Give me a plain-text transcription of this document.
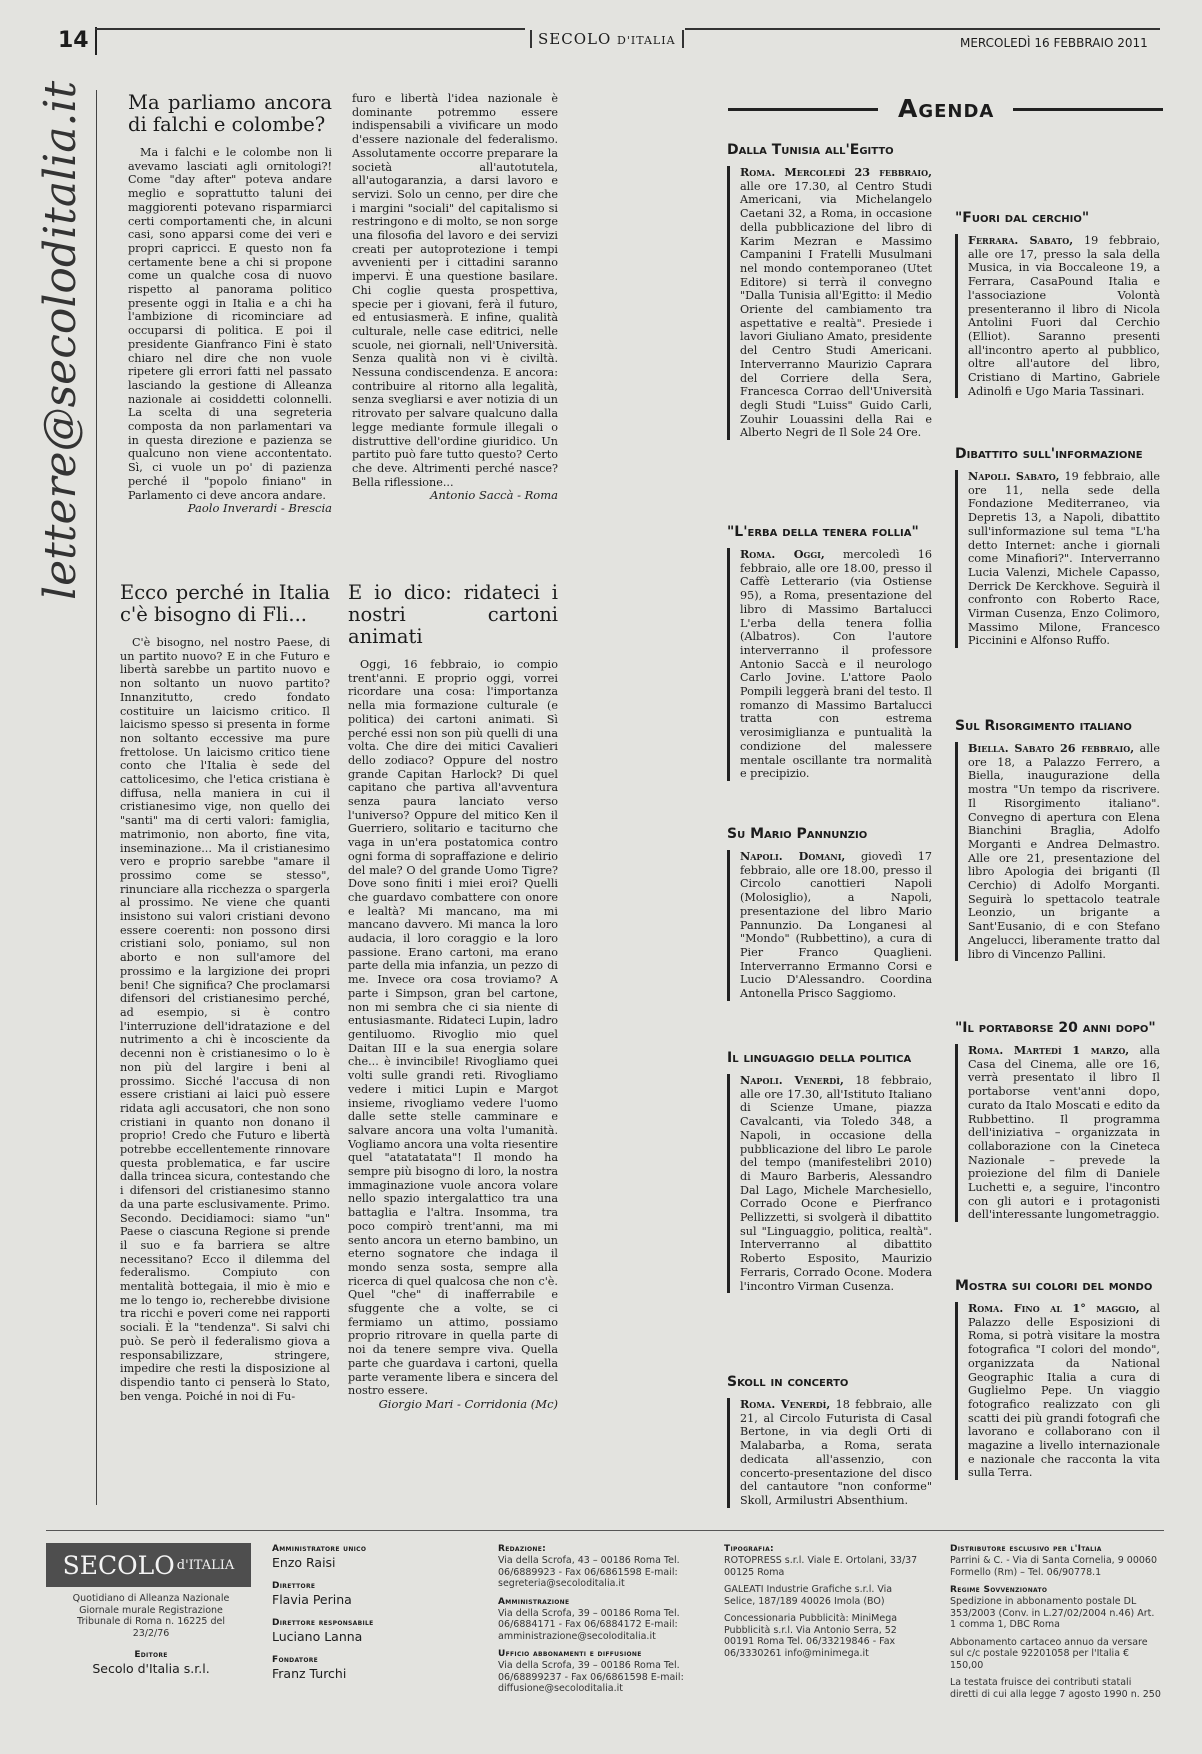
14	SECOLO D'ITALIA	MERCOLEDÌ 16 FEBBRAIO 2011
lettere@secoloditalia.it Ma parliamo ancora di falchi e colombe?

Ma i falchi e le colombe non li avevamo lasciati agli ornitologi?! Come "day after" poteva andare meglio e soprattutto taluni dei maggiorenti potevano risparmiarci certi comportamenti che, in alcuni casi, sono apparsi come dei veri e propri capricci. E questo non fa certamente bene a chi si propone come un qualche cosa di nuovo rispetto al panorama politico presente oggi in Italia e a chi ha l'ambizione di ricominciare ad occuparsi di politica. E poi il presidente Gianfranco Fini è stato chiaro nel dire che non vuole ripetere gli errori fatti nel passato lasciando la gestione di Alleanza nazionale ai cosiddetti colonnelli. La scelta di una segreteria composta da non parlamentari va in questa direzione e pazienza se qualcuno non viene accontentato. Sì, ci vuole un po' di pazienza perché il "popolo finiano" in Parlamento ci deve ancora andare.

Paolo Inverardi - Brescia

furo e libertà l'idea nazionale è dominante potremmo essere indispensabili a vivificare un modo d'essere nazionale del federalismo. Assolutamente occorre preparare la società all'autotutela, all'autogaranzia, a darsi lavoro e servizi. Solo un cenno, per dire che i margini "sociali" del capitalismo si restringono e di molto, se non sorge una filosofia del lavoro e dei servizi creati per autoprotezione i tempi avvenienti per i cittadini saranno impervi. È una questione basilare. Chi coglie questa prospettiva, specie per i giovani, ferà il futuro, ed entusiasmerà. E infine, qualità culturale, nelle case editrici, nelle scuole, nei giornali, nell'Università. Senza qualità non vi è civiltà. Nessuna condiscendenza. E ancora: contribuire al ritorno alla legalità, senza svegliarsi e aver notizia di un ritrovato per salvare qualcuno dalla legge mediante formule illegali o distruttive dell'ordine giuridico. Un partito può fare tutto questo? Certo che deve. Altrimenti perché nasce? Bella riflessione...

Antonio Saccà - Roma
Ecco perché in Italia c'è bisogno di Fli...

C'è bisogno, nel nostro Paese, di un partito nuovo? E in che Futuro e libertà sarebbe un partito nuovo e non soltanto un nuovo partito? Innanzitutto, credo fondato costituire un laicismo critico. Il laicismo spesso si presenta in forme non soltanto eccessive ma pure frettolose. Un laicismo critico tiene conto che l'Italia è sede del cattolicesimo, che l'etica cristiana è diffusa, nella maniera in cui il cristianesimo vige, non quello dei "santi" ma di certi valori: famiglia, matrimonio, non aborto, fine vita, inseminazione... Ma il cristianesimo vero e proprio sarebbe "amare il prossimo come se stesso", rinunciare alla ricchezza o spargerla al prossimo. Ne viene che quanti insistono sui valori cristiani devono essere coerenti: non possono dirsi cristiani solo, poniamo, sul non aborto e non sull'amore del prossimo e la largizione dei propri beni! Che significa? Che proclamarsi difensori del cristianesimo perché, ad esempio, si è contro l'interruzione dell'idratazione e del nutrimento a chi è incosciente da decenni non è cristianesimo o lo è non più del largire i beni al prossimo. Sicché l'accusa di non essere cristiani ai laici può essere ridata agli accusatori, che non sono cristiani in quanto non donano il proprio! Credo che Futuro e libertà potrebbe eccellentemente rinnovare questa problematica, e far uscire dalla trincea sicura, contestando che i difensori del cristianesimo stanno da una parte esclusivamente. Primo. Secondo. Decidiamoci: siamo "un" Paese o ciascuna Regione si prende il suo e fa barriera se altre necessitano? Ecco il dilemma del federalismo. Compiuto con mentalità bottegaia, il mio è mio e me lo tengo io, recherebbe divisione tra ricchi e poveri come nei rapporti sociali. È la "tendenza". Si salvi chi può. Se però il federalismo giova a responsabilizzare, stringere, impedire che resti la disposizione al dispendio tanto ci penserà lo Stato, ben venga. Poiché in noi di Fu-

E io dico: ridateci i nostri cartoni animati

Oggi, 16 febbraio, io compio trent'anni. E proprio oggi, vorrei ricordare una cosa: l'importanza nella mia formazione culturale (e politica) dei cartoni animati. Sì perché essi non son più quelli di una volta. Che dire dei mitici Cavalieri dello zodiaco? Oppure del nostro grande Capitan Harlock? Di quel capitano che partiva all'avventura senza paura lanciato verso l'universo? Oppure del mitico Ken il Guerriero, solitario e taciturno che vaga in un'era postatomica contro ogni forma di sopraffazione e delirio del male? O del grande Uomo Tigre? Dove sono finiti i miei eroi? Quelli che guardavo combattere con onore e lealtà? Mi mancano, ma mi mancano davvero. Mi manca la loro audacia, il loro coraggio e la loro passione. Erano cartoni, ma erano parte della mia infanzia, un pezzo di me. Invece ora cosa troviamo? A parte i Simpson, gran bel cartone, non mi sembra che ci sia niente di entusiasmante. Ridateci Lupin, ladro gentiluomo. Rivoglio mio quel Daitan III e la sua energia solare che... è invincibile! Rivogliamo quei volti sulle grandi reti. Rivogliamo vedere i mitici Lupin e Margot insieme, rivogliamo vedere l'uomo dalle sette stelle camminare e salvare ancora una volta l'umanità. Vogliamo ancora una volta riesentire quel "atatatatata"! Il mondo ha sempre più bisogno di loro, la nostra immaginazione vuole ancora volare nello spazio intergalattico tra una battaglia e l'altra. Insomma, tra poco compirò trent'anni, ma mi sento ancora un eterno bambino, un eterno sognatore che indaga il mondo senza sosta, sempre alla ricerca di quel qualcosa che non c'è. Quel "che" di inafferrabile e sfuggente che a volte, se ci fermiamo un attimo, possiamo proprio ritrovare in quella parte di noi da tenere sempre viva. Quella parte che guardava i cartoni, quella parte veramente libera e sincera del nostro essere.

Giorgio Mari - Corridonia (Mc)
Agenda
Dalla Tunisia all'Egitto
Roma. Mercoledì 23 febbraio, alle ore 17.30, al Centro Studi Americani, via Michelangelo Caetani 32, a Roma, in occasione della pubblicazione del libro di Karim Mezran e Massimo Campanini I Fratelli Musulmani nel mondo contemporaneo (Utet Editore) si terrà il convegno "Dalla Tunisia all'Egitto: il Medio Oriente del cambiamento tra aspettative e realtà". Presiede i lavori Giuliano Amato, presidente del Centro Studi Americani. Interverranno Maurizio Caprara del Corriere della Sera, Francesca Corrao dell'Università degli Studi "Luiss" Guido Carli, Zouhir Louassini della Rai e Alberto Negri de Il Sole 24 Ore.
"L'erba della tenera follia"
Roma. Oggi, mercoledì 16 febbraio, alle ore 18.00, presso il Caffè Letterario (via Ostiense 95), a Roma, presentazione del libro di Massimo Bartalucci L'erba della tenera follia (Albatros). Con l'autore interverranno il professore Antonio Saccà e il neurologo Carlo Jovine. L'attore Paolo Pompili leggerà brani del testo. Il romanzo di Massimo Bartalucci tratta con estrema verosimiglianza e puntualità la condizione del malessere mentale oscillante tra normalità e precipizio.
Su Mario Pannunzio
Napoli. Domani, giovedì 17 febbraio, alle ore 18.00, presso il Circolo canottieri Napoli (Molosiglio), a Napoli, presentazione del libro Mario Pannunzio. Da Longanesi al "Mondo" (Rubbettino), a cura di Pier Franco Quaglieni. Interverranno Ermanno Corsi e Lucio D'Alessandro. Coordina Antonella Prisco Saggiomo.
Il linguaggio della politica
Napoli. Venerdì, 18 febbraio, alle ore 17.30, all'Istituto Italiano di Scienze Umane, piazza Cavalcanti, via Toledo 348, a Napoli, in occasione della pubblicazione del libro Le parole del tempo (manifestelibri 2010) di Mauro Barberis, Alessandro Dal Lago, Michele Marchesiello, Corrado Ocone e Pierfranco Pellizzetti, si svolgerà il dibattito sul "Linguaggio, politica, realtà". Interverranno al dibattito Roberto Esposito, Maurizio Ferraris, Corrado Ocone. Modera l'incontro Virman Cusenza.
Skoll in concerto
Roma. Venerdì, 18 febbraio, alle 21, al Circolo Futurista di Casal Bertone, in via degli Orti di Malabarba, a Roma, serata dedicata all'assenzio, con concerto-presentazione del disco del cantautore "non conforme" Skoll, Armilustri Absenthium.
"Fuori dal cerchio"
Ferrara. Sabato, 19 febbraio, alle ore 17, presso la sala della Musica, in via Boccaleone 19, a Ferrara, CasaPound Italia e l'associazione Volontà presenteranno il libro di Nicola Antolini Fuori dal Cerchio (Elliot). Saranno presenti all'incontro aperto al pubblico, oltre all'autore del libro, Cristiano di Martino, Gabriele Adinolfi e Ugo Maria Tassinari.
Dibattito sull'informazione
Napoli. Sabato, 19 febbraio, alle ore 11, nella sede della Fondazione Mediterraneo, via Depretis 13, a Napoli, dibattito sull'informazione sul tema "L'ha detto Internet: anche i giornali come Minafiori?". Interverranno Lucia Valenzi, Michele Capasso, Derrick De Kerckhove. Seguirà il confronto con Roberto Race, Virman Cusenza, Enzo Colimoro, Massimo Milone, Francesco Piccinini e Alfonso Ruffo.
Sul Risorgimento italiano
Biella. Sabato 26 febbraio, alle ore 18, a Palazzo Ferrero, a Biella, inaugurazione della mostra "Un tempo da riscrivere. Il Risorgimento italiano". Convegno di apertura con Elena Bianchini Braglia, Adolfo Morganti e Andrea Delmastro. Alle ore 21, presentazione del libro Apologia dei briganti (Il Cerchio) di Adolfo Morganti. Seguirà lo spettacolo teatrale Leonzio, un brigante a Sant'Eusanio, di e con Stefano Angelucci, liberamente tratto dal libro di Vincenzo Pallini.
"Il portaborse 20 anni dopo"
Roma. Martedì 1 marzo, alla Casa del Cinema, alle ore 16, verrà presentato il libro Il portaborse vent'anni dopo, curato da Italo Moscati e edito da Rubbettino. Il programma dell'iniziativa – organizzata in collaborazione con la Cineteca Nazionale – prevede la proiezione del film di Daniele Luchetti e, a seguire, l'incontro con gli autori e i protagonisti dell'interessante lungometraggio.
Mostra sui colori del mondo
Roma. Fino al 1° maggio, al Palazzo delle Esposizioni di Roma, si potrà visitare la mostra fotografica "I colori del mondo", organizzata da National Geographic Italia a cura di Guglielmo Pepe. Un viaggio fotografico realizzato con gli scatti dei più grandi fotografi che lavorano e collaborano con il magazine a livello internazionale e nazionale che racconta la vita sulla Terra.
SECOLO d'ITALIA
Quotidiano di Alleanza Nazionale Giornale murale Registrazione Tribunale di Roma n. 16225 del 23/2/76
Editore
Secolo d'Italia s.r.l.
Amministratore unico
Enzo Raisi
Direttore
Flavia Perina
Direttore responsabile
Luciano Lanna
Fondatore
Franz Turchi
Redazione:
Via della Scrofa, 43 – 00186 Roma Tel. 06/6889923 - Fax 06/6861598 E-mail: segreteria@secoloditalia.it
Amministrazione
Via della Scrofa, 39 – 00186 Roma Tel. 06/6884171 - Fax 06/6884172 E-mail: amministrazione@secoloditalia.it
Ufficio abbonamenti e diffusione
Via della Scrofa, 39 – 00186 Roma Tel. 06/68899237 - Fax 06/6861598 E-mail: diffusione@secoloditalia.it
Tipografia:
ROTOPRESS s.r.l. Viale E. Ortolani, 33/37 00125 Roma
GALEATI Industrie Grafiche s.r.l. Via Selice, 187/189 40026 Imola (BO)
Concessionaria Pubblicità: MiniMega Pubblicità s.r.l. Via Antonio Serra, 52 00191 Roma Tel. 06/33219846 - Fax 06/3330261 info@minimega.it
Distributore esclusivo per l'Italia
Parrini & C. - Via di Santa Cornelia, 9 00060 Formello (Rm) – Tel. 06/90778.1
Regime Sovvenzionato
Spedizione in abbonamento postale DL 353/2003 (Conv. in L.27/02/2004 n.46) Art. 1 comma 1, DBC Roma
Abbonamento cartaceo annuo da versare sul c/c postale 92201058 per l'Italia € 150,00
La testata fruisce dei contributi statali diretti di cui alla legge 7 agosto 1990 n. 250
